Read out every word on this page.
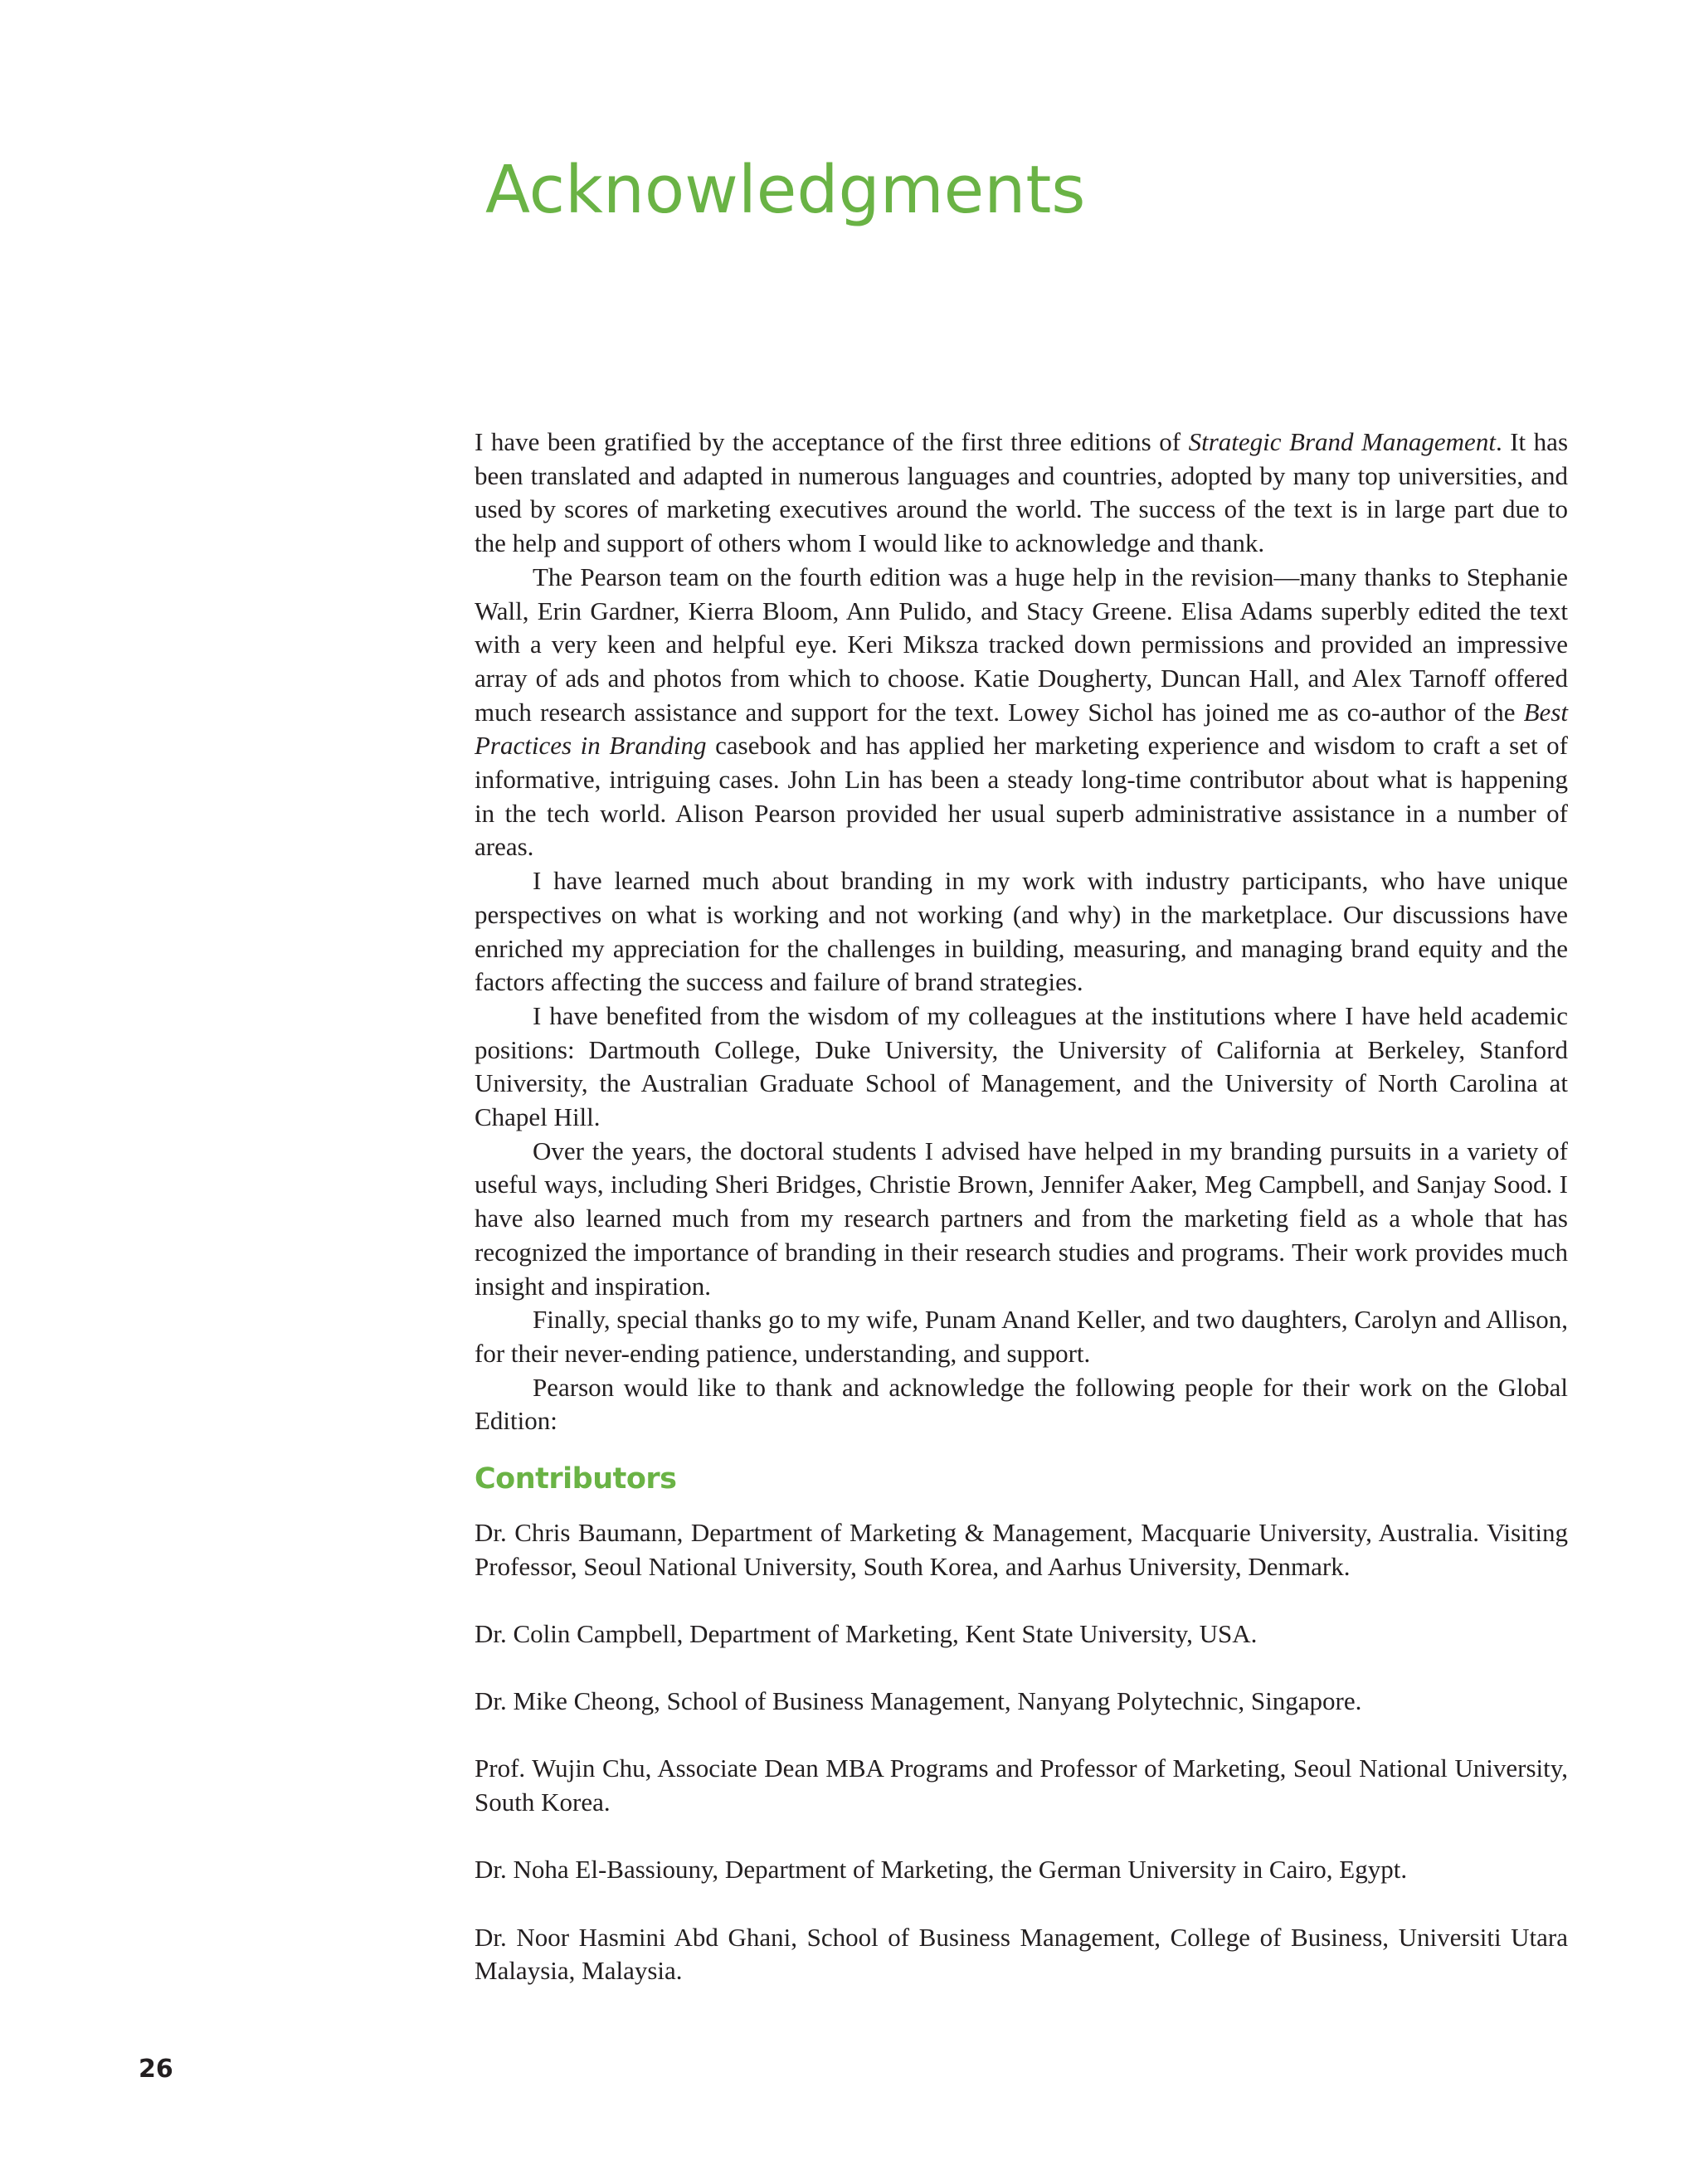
Acknowledgments

I have been gratified by the acceptance of the first three editions of Strategic Brand Management. It has been translated and adapted in numerous languages and countries, adopted by many top universities, and used by scores of marketing executives around the world. The success of the text is in large part due to the help and support of others whom I would like to acknowledge and thank.

The Pearson team on the fourth edition was a huge help in the revision—many thanks to Stephanie Wall, Erin Gardner, Kierra Bloom, Ann Pulido, and Stacy Greene. Elisa Adams superbly edited the text with a very keen and helpful eye. Keri Miksza tracked down permissions and provided an impressive array of ads and photos from which to choose. Katie Dougherty, Duncan Hall, and Alex Tarnoff offered much research assistance and support for the text. Lowey Sichol has joined me as co-author of the Best Practices in Branding casebook and has applied her marketing experience and wisdom to craft a set of informative, intriguing cases. John Lin has been a steady long-time contributor about what is happening in the tech world. Alison Pearson provided her usual superb administrative assistance in a number of areas.

I have learned much about branding in my work with industry participants, who have unique perspectives on what is working and not working (and why) in the marketplace. Our discussions have enriched my appreciation for the challenges in building, measuring, and managing brand equity and the factors affecting the success and failure of brand strategies.

I have benefited from the wisdom of my colleagues at the institutions where I have held academic positions: Dartmouth College, Duke University, the University of California at Berkeley, Stanford University, the Australian Graduate School of Management, and the University of North Carolina at Chapel Hill.

Over the years, the doctoral students I advised have helped in my branding pursuits in a variety of useful ways, including Sheri Bridges, Christie Brown, Jennifer Aaker, Meg Campbell, and Sanjay Sood. I have also learned much from my research partners and from the marketing field as a whole that has recognized the importance of branding in their research studies and programs. Their work provides much insight and inspiration.

Finally, special thanks go to my wife, Punam Anand Keller, and two daughters, Carolyn and Allison, for their never-ending patience, understanding, and support.

Pearson would like to thank and acknowledge the following people for their work on the Global Edition:

Contributors

Dr. Chris Baumann, Department of Marketing & Management, Macquarie University, Australia. Visiting Professor, Seoul National University, South Korea, and Aarhus University, Denmark.

Dr. Colin Campbell, Department of Marketing, Kent State University, USA.

Dr. Mike Cheong, School of Business Management, Nanyang Polytechnic, Singapore.

Prof. Wujin Chu, Associate Dean MBA Programs and Professor of Marketing, Seoul National University, South Korea.

Dr. Noha El-Bassiouny, Department of Marketing, the German University in Cairo, Egypt.

Dr. Noor Hasmini Abd Ghani, School of Business Management, College of Business, Universiti Utara Malaysia, Malaysia.

26
